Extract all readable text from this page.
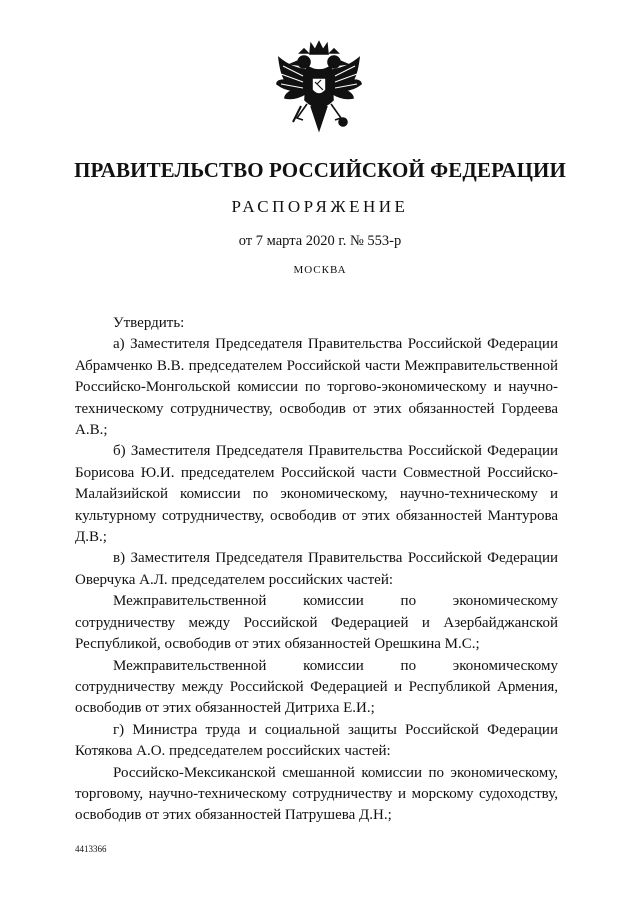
ПРАВИТЕЛЬСТВО РОССИЙСКОЙ ФЕДЕРАЦИИ
РАСПОРЯЖЕНИЕ
от 7 марта 2020 г. № 553-р
МОСКВА

Утвердить:

а) Заместителя Председателя Правительства Российской Федерации Абрамченко В.В. председателем Российской части Межправительственной Российско-Монгольской комиссии по торгово-экономическому и научно-техническому сотрудничеству, освободив от этих обязанностей Гордеева А.В.;

б) Заместителя Председателя Правительства Российской Федерации Борисова Ю.И. председателем Российской части Совместной Российско-Малайзийской комиссии по экономическому, научно-техническому и культурному сотрудничеству, освободив от этих обязанностей Мантурова Д.В.;

в) Заместителя Председателя Правительства Российской Федерации Оверчука А.Л. председателем российских частей:

Межправительственной комиссии по экономическому сотрудничеству между Российской Федерацией и Азербайджанской Республикой, освободив от этих обязанностей Орешкина М.С.;

Межправительственной комиссии по экономическому сотрудничеству между Российской Федерацией и Республикой Армения, освободив от этих обязанностей Дитриха Е.И.;

г) Министра труда и социальной защиты Российской Федерации Котякова А.О. председателем российских частей:

Российско-Мексиканской смешанной комиссии по экономическому, торговому, научно-техническому сотрудничеству и морскому судоходству, освободив от этих обязанностей Патрушева Д.Н.;

4413366
